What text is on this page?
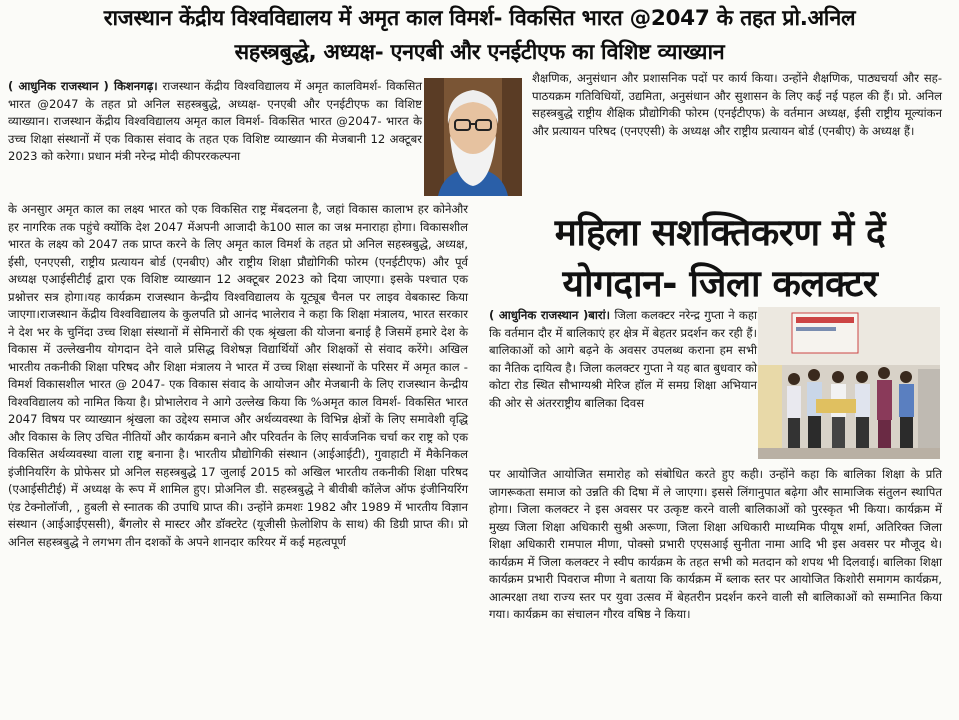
राजस्थान केंद्रीय विश्वविद्यालय में अमृत काल विमर्श- विकसित भारत @2047 के तहत प्रो.अनिल
सहस्त्रबुद्धे, अध्यक्ष- एनएबी और एनईटीएफ का विशिष्ट व्याख्यान
( आधुनिक राजस्थान ) किशनगढ़। राजस्थान केंद्रीय विश्वविद्यालय में अमृत कालविमर्श- विकसित भारत @2047 के तहत प्रो अनिल सहस्त्रबुद्धे, अध्यक्ष- एनएबी और एनईटीएफ का विशिष्ट व्याख्यान। राजस्थान केंद्रीय विश्वविद्यालय अमृत काल विमर्श- विकसित भारत @2047- भारत के उच्च शिक्षा संस्थानों में एक विकास संवाद के तहत एक विशिष्ट व्याख्यान की मेजबानी 12 अक्टूबर 2023 को करेगा। प्रधान मंत्री नरेन्द्र मोदी कीपररकल्पना
के अनसुार अमृत काल का लक्ष्य भारत को एक विकसित राष्ट्र मेंबदलना है, जहां विकास कालाभ हर कोनेऔर हर नागरिक तक पहुंचे क्योंकि देश 2047 मेंअपनी आजादी के100 साल का जश्न मनाराहा होगा। विकासशील भारत के लक्ष्य को 2047 तक प्राप्त करने के लिए अमृत काल विमर्श के तहत प्रो अनिल सहस्त्रबुद्धे, अध्यक्ष, ईसी, एनएएसी, राष्ट्रीय प्रत्यायन बोर्ड (एनबीए) और राष्ट्रीय शिक्षा प्रौद्योगिकी फोरम (एनईटीएफ) और पूर्व अध्यक्ष एआईसीटीई द्वारा एक विशिष्ट व्याख्यान 12 अक्टूबर 2023 को दिया जाएगा। इसके पश्चात एक प्रश्नोत्तर सत्र होगा।यह कार्यक्रम राजस्थान केन्द्रीय विश्वविद्यालय के यूट्यूब चैनल पर लाइव वेबकास्ट किया जाएगा।राजस्थान केंद्रीय विश्वविद्यालय के कुलपति प्रो आनंद भालेराव ने कहा कि शिक्षा मंत्रालय, भारत सरकार ने देश भर के चुनिंदा उच्च शिक्षा संस्थानों में सेमिनारों की एक श्रृंखला की योजना बनाई है जिसमें हमारे देश के विकास में उल्लेखनीय योगदान देने वाले प्रसिद्ध विशेषज्ञ विद्यार्थियों और शिक्षकों से संवाद करेंगे। अखिल भारतीय तकनीकी शिक्षा परिषद और शिक्षा मंत्रालय ने भारत में उच्च शिक्षा संस्थानों के परिसर में अमृत काल - विमर्श विकासशील भारत @ 2047- एक विकास संवाद के आयोजन और मेजबानी के लिए राजस्थान केन्द्रीय विश्वविद्यालय को नामित किया है। प्रोभालेराव ने आगे उल्लेख किया कि %अमृत काल विमर्श- विकसित भारत 2047 विषय पर व्याख्यान श्रृंखला का उद्देश्य समाज और अर्थव्यवस्था के विभिन्न क्षेत्रों के लिए समावेशी वृद्धि और विकास के लिए उचित नीतियों और कार्यक्रम बनाने और परिवर्तन के लिए सार्वजनिक चर्चा कर राष्ट्र को एक विकसित अर्थव्यवस्था वाला राष्ट्र बनाना है। भारतीय प्रौद्योगिकी संस्थान (आईआईटी), गुवाहाटी में मैकेनिकल इंजीनियरिंग के प्रोफेसर प्रो अनिल सहस्त्रबुद्धे 17 जुलाई 2015 को अखिल भारतीय तकनीकी शिक्षा परिषद (एआईसीटीई) में अध्यक्ष के रूप में शामिल हुए। प्रोअनिल डी. सहस्त्रबुद्धे ने बीवीबी कॉलेज ऑफ इंजीनियरिंग एंड टेक्नोलॉजी, , हुबली से स्नातक की उपाधि प्राप्त की। उन्होंने क्रमशः 1982 और 1989 में भारतीय विज्ञान संस्थान (आईआईएससी), बैंगलोर से मास्टर और डॉक्टरेट (यूजीसी फ़ेलोशिप के साथ) की डिग्री प्राप्त की। प्रो अनिल सहस्त्रबुद्धे ने लगभग तीन दशकों के अपने शानदार करियर में कई महत्वपूर्ण
शैक्षणिक, अनुसंधान और प्रशासनिक पदों पर कार्य किया। उन्होंने शैक्षणिक, पाठ्यचर्या और सह-पाठयक्रम गतिविधियों, उद्यमिता, अनुसंधान और सुशासन के लिए कई नई पहल की हैं। प्रो. अनिल सहस्त्रबुद्धे राष्ट्रीय शैक्षिक प्रौद्योगिकी फोरम (एनईटीएफ) के वर्तमान अध्यक्ष, ईसी राष्ट्रीय मूल्यांकन और प्रत्यायन परिषद (एनएएसी) के अध्यक्ष और राष्ट्रीय प्रत्यायन बोर्ड (एनबीए) के अध्यक्ष हैं।
महिला सशक्तिकरण में दें
योगदान- जिला कलक्टर
( आधुनिक राजस्थान )बारां। जिला कलक्टर नरेन्द्र गुप्ता ने कहा कि वर्तमान दौर में बालिकाएं हर क्षेत्र में बेहतर प्रदर्शन कर रही हैं। बालिकाओं को आगे बढ़ने के अवसर उपलब्ध कराना हम सभी का नैतिक दायित्व है। जिला कलक्टर गुप्ता ने यह बात बुधवार को कोटा रोड स्थित सौभाग्यश्री मेरिज हॉल में समग्र शिक्षा अभियान की ओर से अंतरराष्ट्रीय बालिका दिवस
पर आयोजित आयोजित समारोह को संबोधित करते हुए कही। उन्होंने कहा कि बालिका शिक्षा के प्रति जागरूकता समाज को उन्नति की दिषा में ले जाएगा। इससे लिंगानुपात बढ़ेगा और सामाजिक संतुलन स्थापित होगा। जिला कलक्टर ने इस अवसर पर उत्कृष्ट करने वाली बालिकाओं को पुरस्कृत भी किया। कार्यक्रम में मुख्य जिला शिक्षा अधिकारी सुश्री अरूणा, जिला शिक्षा अधिकारी माध्यमिक पीयूष शर्मा, अतिरिक्त जिला शिक्षा अधिकारी रामपाल मीणा, पोक्सो प्रभारी एएसआई सुनीता नामा आदि भी इस अवसर पर मौजूद थे। कार्यक्रम में जिला कलक्टर ने स्वीप कार्यक्रम के तहत सभी को मतदान को शपथ भी दिलवाई। बालिका शिक्षा कार्यक्रम प्रभारी पिवराज मीणा ने बताया कि कार्यक्रम में ब्लाक स्तर पर आयोजित किशोरी समागम कार्यक्रम, आत्मरक्षा तथा राज्य स्तर पर युवा उत्सव में बेहतरीन प्रदर्शन करने वाली सौ बालिकाओं को सम्मानित किया गया। कार्यक्रम का संचालन गौरव वषिष्ठ ने किया।
